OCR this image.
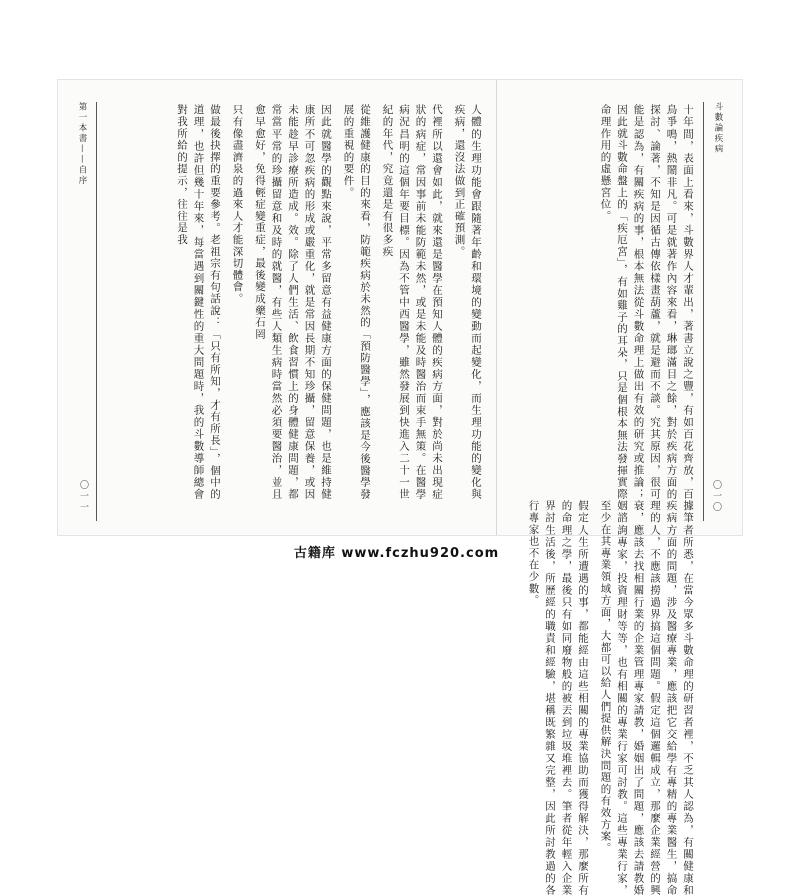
第一本書——自序
〇一一	人體的生理功能會跟隨著年齡和環境的變動而起變化，而生理功能的變化與疾病，還沒法做到正確預測。

代裡所以還會如此，就來還是醫學在預知人體的疾病方面，對於尚未出現症狀的病症，常因事前未能防範未然，或是未能及時醫治而束手無策。在醫學病況昌明的這個年要目標。因為不管中西醫學，雖然發展到快進入二十一世紀的年代，究竟還是有很多疾

從維護健康的目的來看，防範疾病於未然的「預防醫學」，應該是今後醫學發展的重視的要件。

因此就醫學的觀點來說，平常多留意有益健康方面的保健問題，也是維持健康所不可忽疾病的形成或嚴重化，就是常因長期不知珍攝，留意保養，或因未能趁早診療所造成。效。除了人們生活、飲食習慣上的身體健康問題，都常當平常的珍攝留意和及時的就醫，有些人類生病時當然必須要醫治，並且愈早愈好，免得輕症變重症，最後變成藥石罔

只有像盡濟泉的過來人才能深切體會。

做最後抉擇的重要參考。老祖宗有句話說：「只有所知，才有所長」，個中的道理，也許但幾十年來，每當遇到關鍵性的重大問題時，我的斗數導師總會對我所給的提示，往往是我	斗數論疾病
〇一〇

十年間，表面上看來，斗數界人才輩出，著書立說之豐，有如百花齊放，百鳥爭鳴，熱鬧非凡。可是就著作內容來看，琳瑯滿目之餘，對於疾病方面的探討、論著，不知是因循古傳依樣畫葫蘆，就是避而不談。究其原因，很可能是認為，有關疾病的事，根本無法從斗數命理上做出有效的研究或推論；因此就斗數命盤上的「疾厄宮」，有如雞子的耳朵，只是個根本無法發揮實際命理作用的虛懸宮位。

據筆者所悉，在當今眾多斗數命理的研習者裡，不乏其人認為，有關健康和疾病方面的問題，涉及醫療專業，應該把它交給學有專精的專業醫生，搞命理的人，不應該撈過界搞這個問題。假定這個邏輯成立，那麼企業經營的興衰，應該去找相關行業的企業管理專家請教，婚姻出了問題，應該去請教婚姻諮詢專家，投資理財等等，也有相關的專業行家可討教。這些專業行家，至少在其專業領域方面，大都可以給人們提供解決問題的有效方案。

假定人生所遭遇的事，都能經由這些相關的專業協助而獲得解決，那麼所有的命理之學，最後只有如同廢物般的被丟到垃圾堆裡去。筆者從年輕入企業界討生活後，所歷經的職責和經驗，堪稱既繁雜又完整，因此所討教過的各行專家也不在少數。

古籍库 www.fczhu920.com
